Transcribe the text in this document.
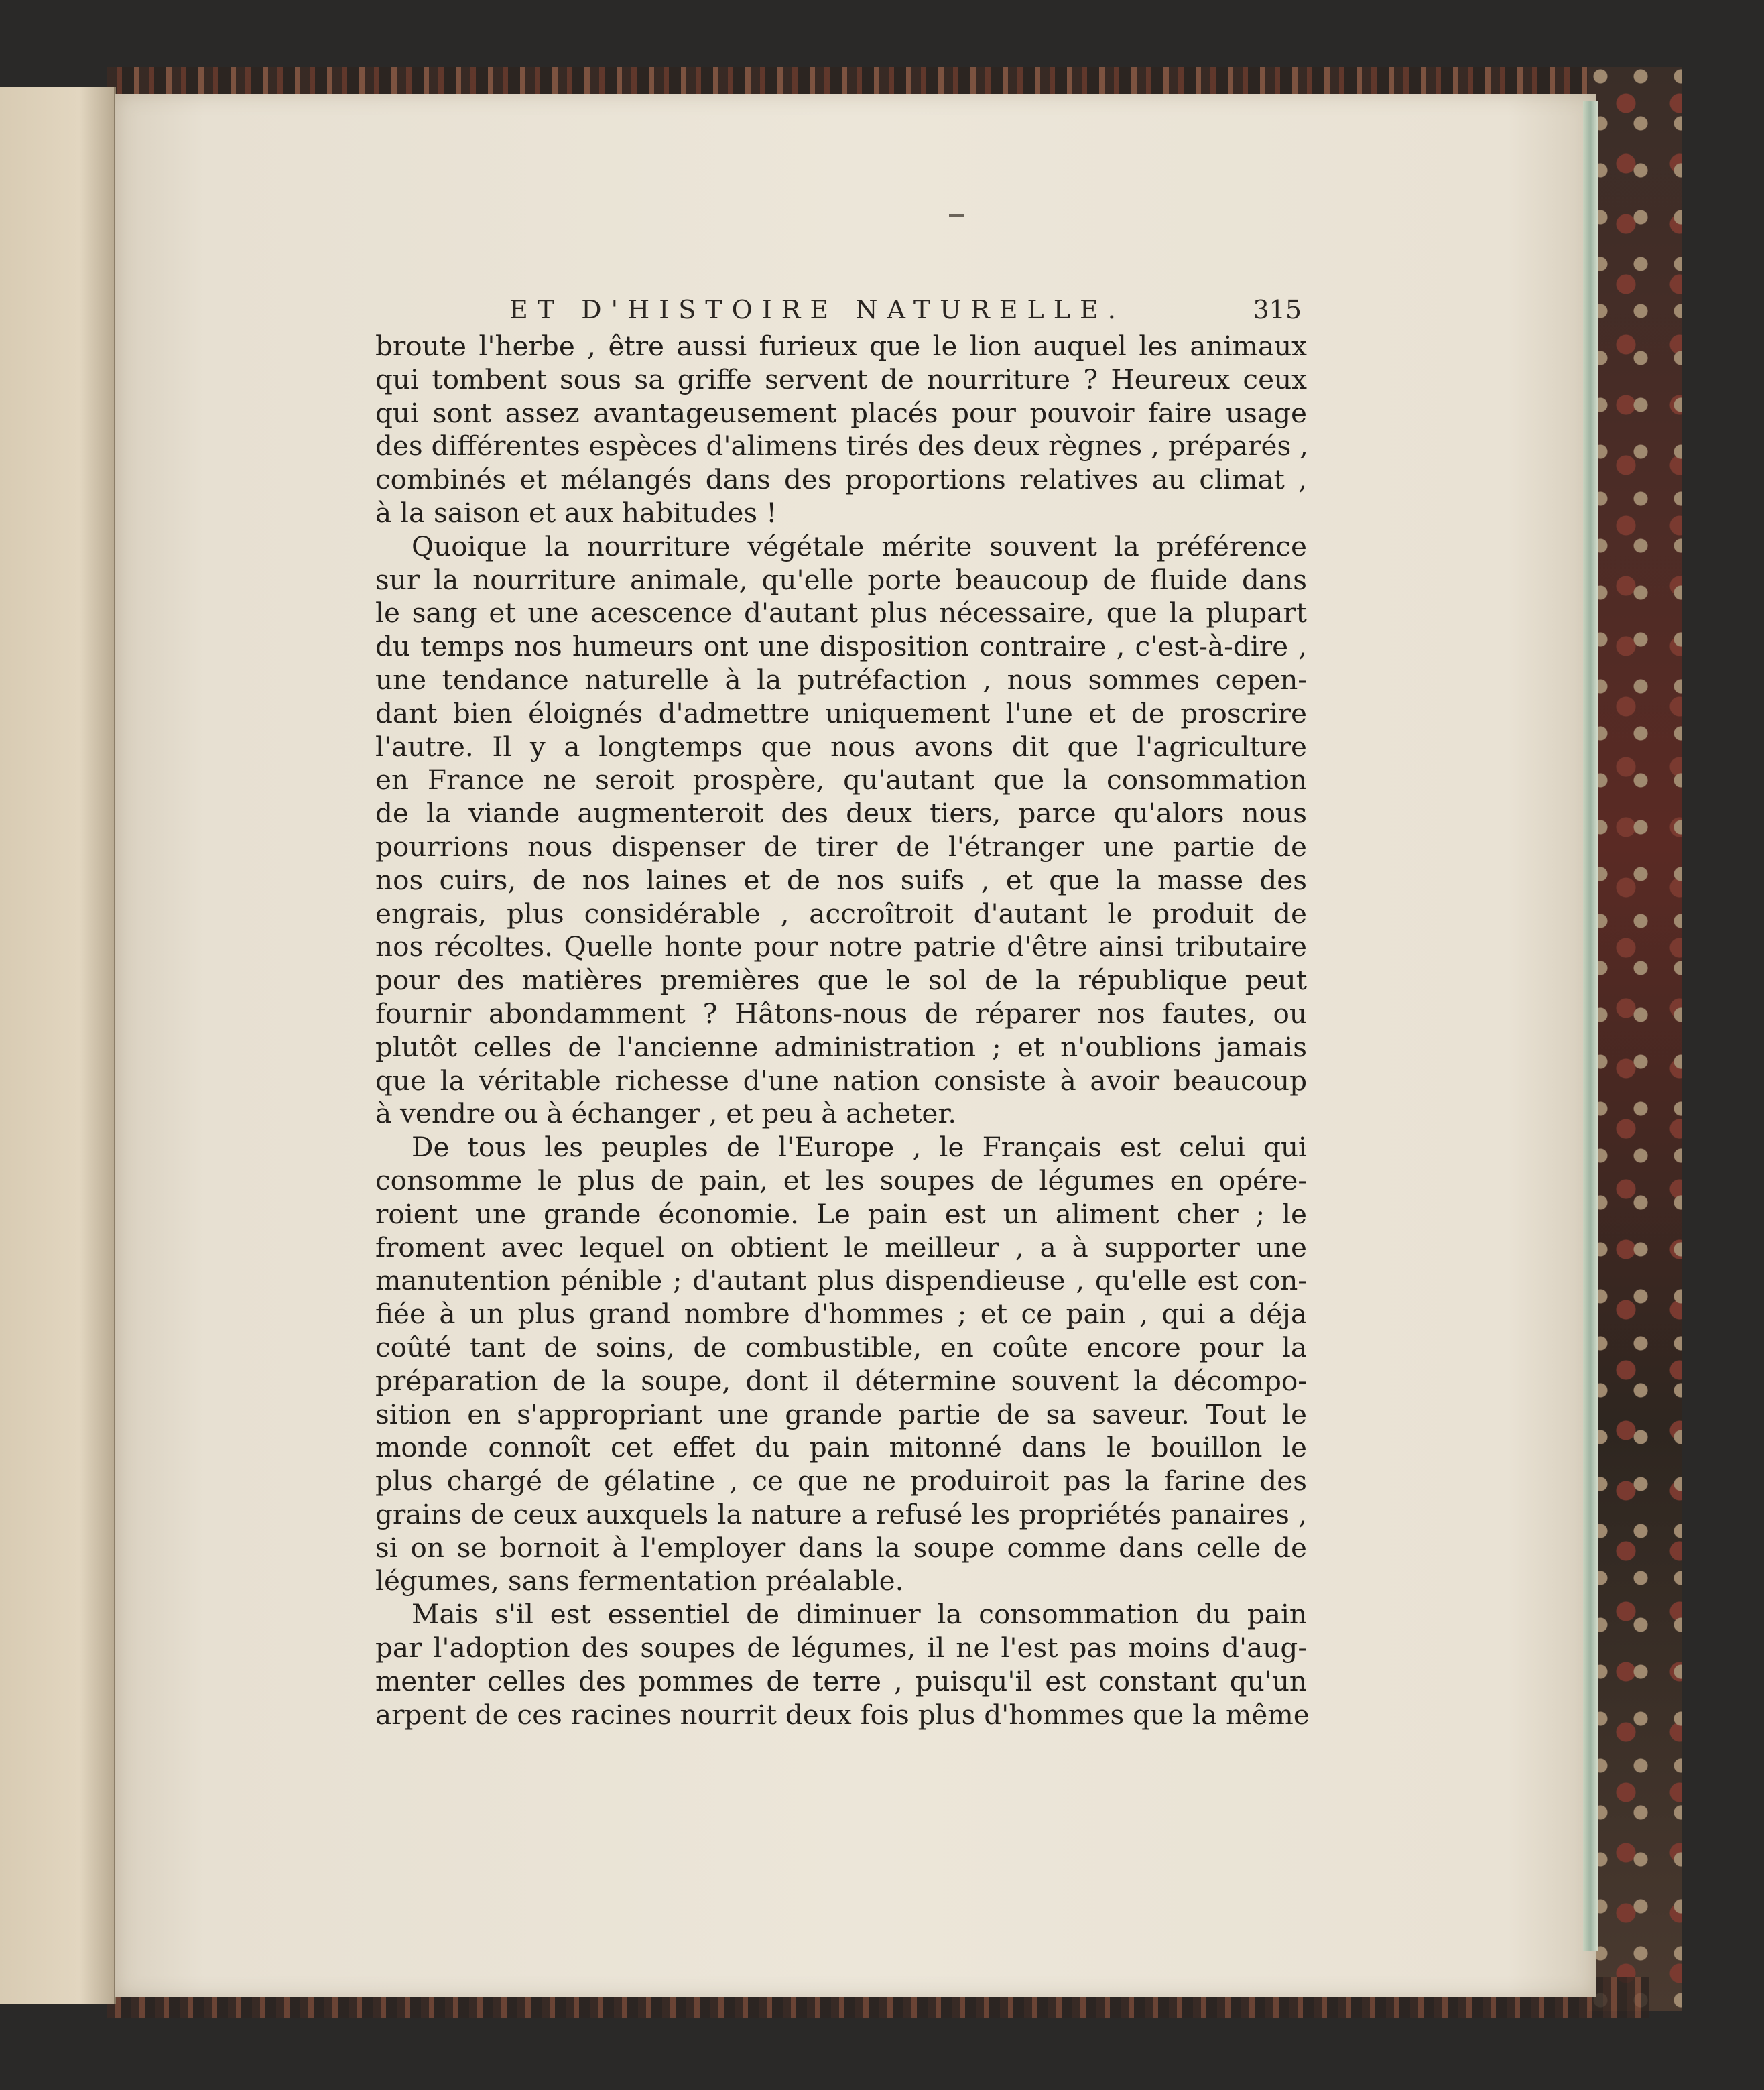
ET D'HISTOIRE NATURELLE.	315
broute l'herbe , être aussi furieux que le lion auquel les animaux
qui tombent sous sa griffe servent de nourriture ? Heureux ceux
qui sont assez avantageusement placés pour pouvoir faire usage
des différentes espèces d'alimens tirés des deux règnes , préparés ,
combinés et mélangés dans des proportions relatives au climat ,
à la saison et aux habitudes !
Quoique la nourriture végétale mérite souvent la préférence
sur la nourriture animale, qu'elle porte beaucoup de fluide dans
le sang et une acescence d'autant plus nécessaire, que la plupart
du temps nos humeurs ont une disposition contraire , c'est-à-dire ,
une tendance naturelle à la putréfaction , nous sommes cepen-
dant bien éloignés d'admettre uniquement l'une et de proscrire
l'autre. Il y a longtemps que nous avons dit que l'agriculture
en France ne seroit prospère, qu'autant que la consommation
de la viande augmenteroit des deux tiers, parce qu'alors nous
pourrions nous dispenser de tirer de l'étranger une partie de
nos cuirs, de nos laines et de nos suifs , et que la masse des
engrais, plus considérable , accroîtroit d'autant le produit de
nos récoltes. Quelle honte pour notre patrie d'être ainsi tributaire
pour des matières premières que le sol de la république peut
fournir abondamment ? Hâtons-nous de réparer nos fautes, ou
plutôt celles de l'ancienne administration ; et n'oublions jamais
que la véritable richesse d'une nation consiste à avoir beaucoup
à vendre ou à échanger , et peu à acheter.
De tous les peuples de l'Europe , le Français est celui qui
consomme le plus de pain, et les soupes de légumes en opére-
roient une grande économie. Le pain est un aliment cher ; le
froment avec lequel on obtient le meilleur , a à supporter une
manutention pénible ; d'autant plus dispendieuse , qu'elle est con-
fiée à un plus grand nombre d'hommes ; et ce pain , qui a déja
coûté tant de soins, de combustible, en coûte encore pour la
préparation de la soupe, dont il détermine souvent la décompo-
sition en s'appropriant une grande partie de sa saveur. Tout le
monde connoît cet effet du pain mitonné dans le bouillon le
plus chargé de gélatine , ce que ne produiroit pas la farine des
grains de ceux auxquels la nature a refusé les propriétés panaires ,
si on se bornoit à l'employer dans la soupe comme dans celle de
légumes, sans fermentation préalable.
Mais s'il est essentiel de diminuer la consommation du pain
par l'adoption des soupes de légumes, il ne l'est pas moins d'aug-
menter celles des pommes de terre , puisqu'il est constant qu'un
arpent de ces racines nourrit deux fois plus d'hommes que la même
